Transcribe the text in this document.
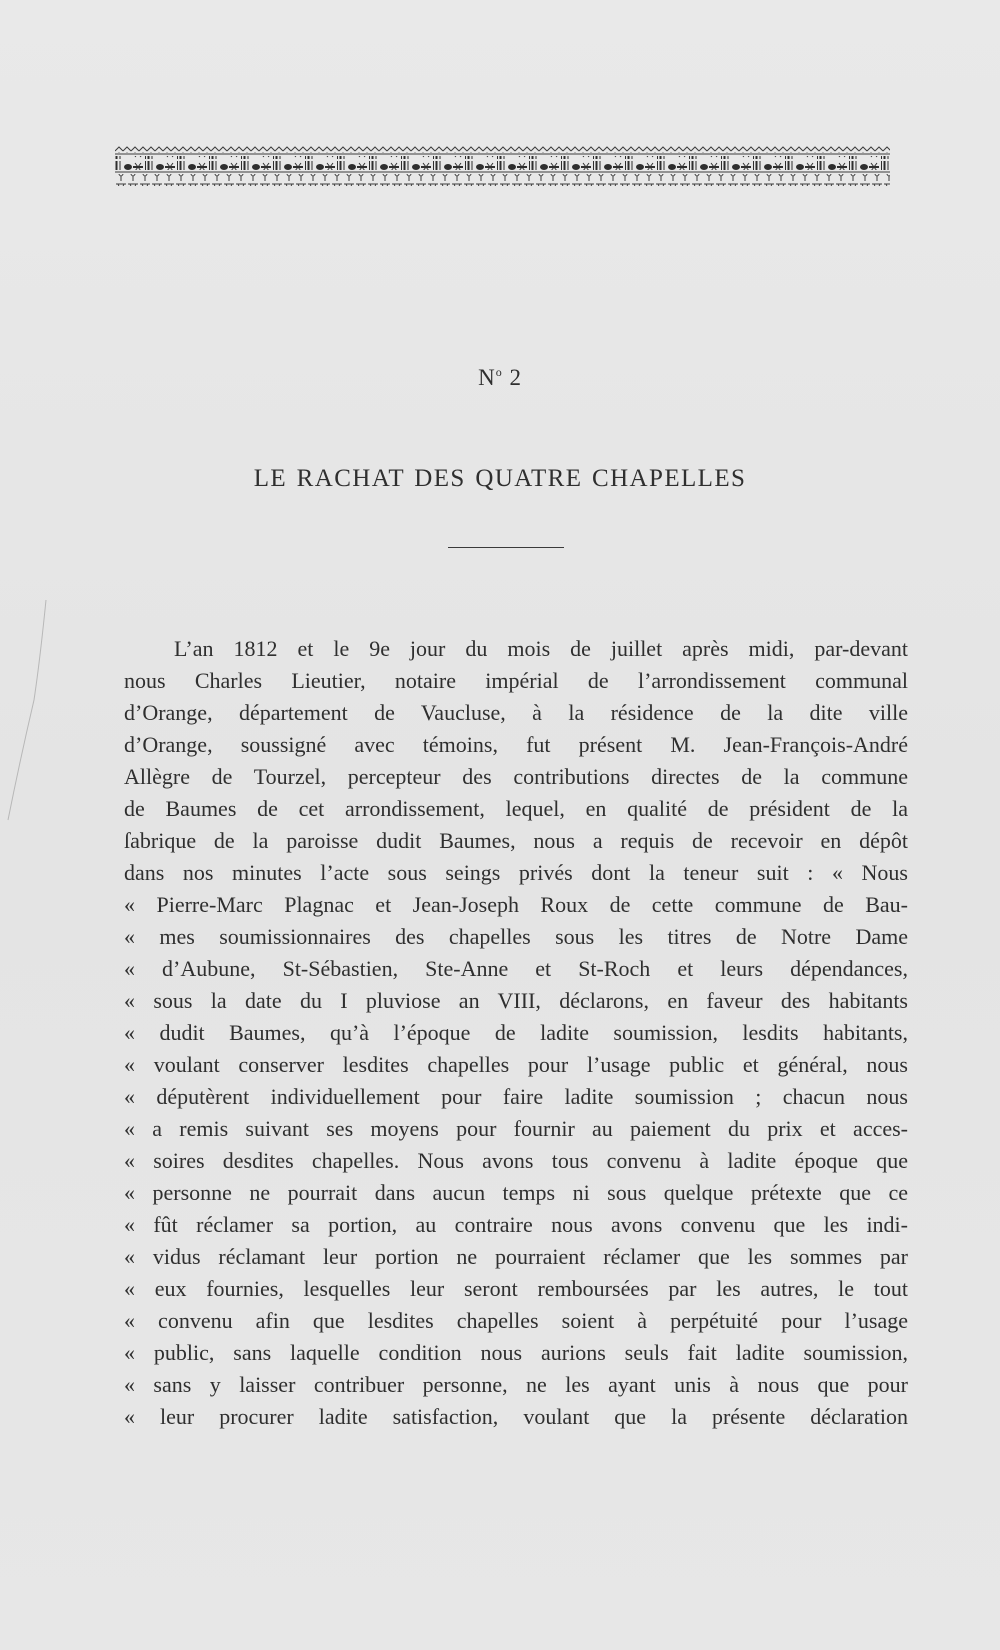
$N^o$ 2
LE RACHAT DES QUATRE CHAPELLES
L’an 1812 et le 9e jour du mois de juillet après midi, par-devant
nous Charles Lieutier, notaire impérial de l’arrondissement communal
d’Orange, département de Vaucluse, à la résidence de la dite ville
d’Orange, soussigné avec témoins, fut présent M. Jean-François-André
Allègre de Tourzel, percepteur des contributions directes de la commune
de Baumes de cet arrondissement, lequel, en qualité de président de la
ſabrique de la paroisse dudit Baumes, nous a requis de recevoir en dépôt
dans nos minutes l’acte sous seings privés dont la teneur suit : « Nous
« Pierre-Marc Plagnac et Jean-Joseph Roux de cette commune de Bau-
« mes soumissionnaires des chapelles sous les titres de Notre Dame
« d’Aubune, St-Sébastien, Ste-Anne et St-Roch et leurs dépendances,
« sous la date du I pluviose an VIII, déclarons, en faveur des habitants
« dudit Baumes, qu’à l’époque de ladite soumission, lesdits habitants,
« voulant conserver lesdites chapelles pour l’usage public et général, nous
« députèrent individuellement pour faire ladite soumission ; chacun nous
« a remis suivant ses moyens pour fournir au paiement du prix et acces-
« soires desdites chapelles. Nous avons tous convenu à ladite époque que
« personne ne pourrait dans aucun temps ni sous quelque prétexte que ce
« fût réclamer sa portion, au contraire nous avons convenu que les indi-
« vidus réclamant leur portion ne pourraient réclamer que les sommes par
« eux fournies, lesquelles leur seront remboursées par les autres, le tout
« convenu afin que lesdites chapelles soient à perpétuité pour l’usage
« public, sans laquelle condition nous aurions seuls fait ladite soumission,
« sans y laisser contribuer personne, ne les ayant unis à nous que pour
« leur procurer ladite satisfaction, voulant que la présente déclaration
